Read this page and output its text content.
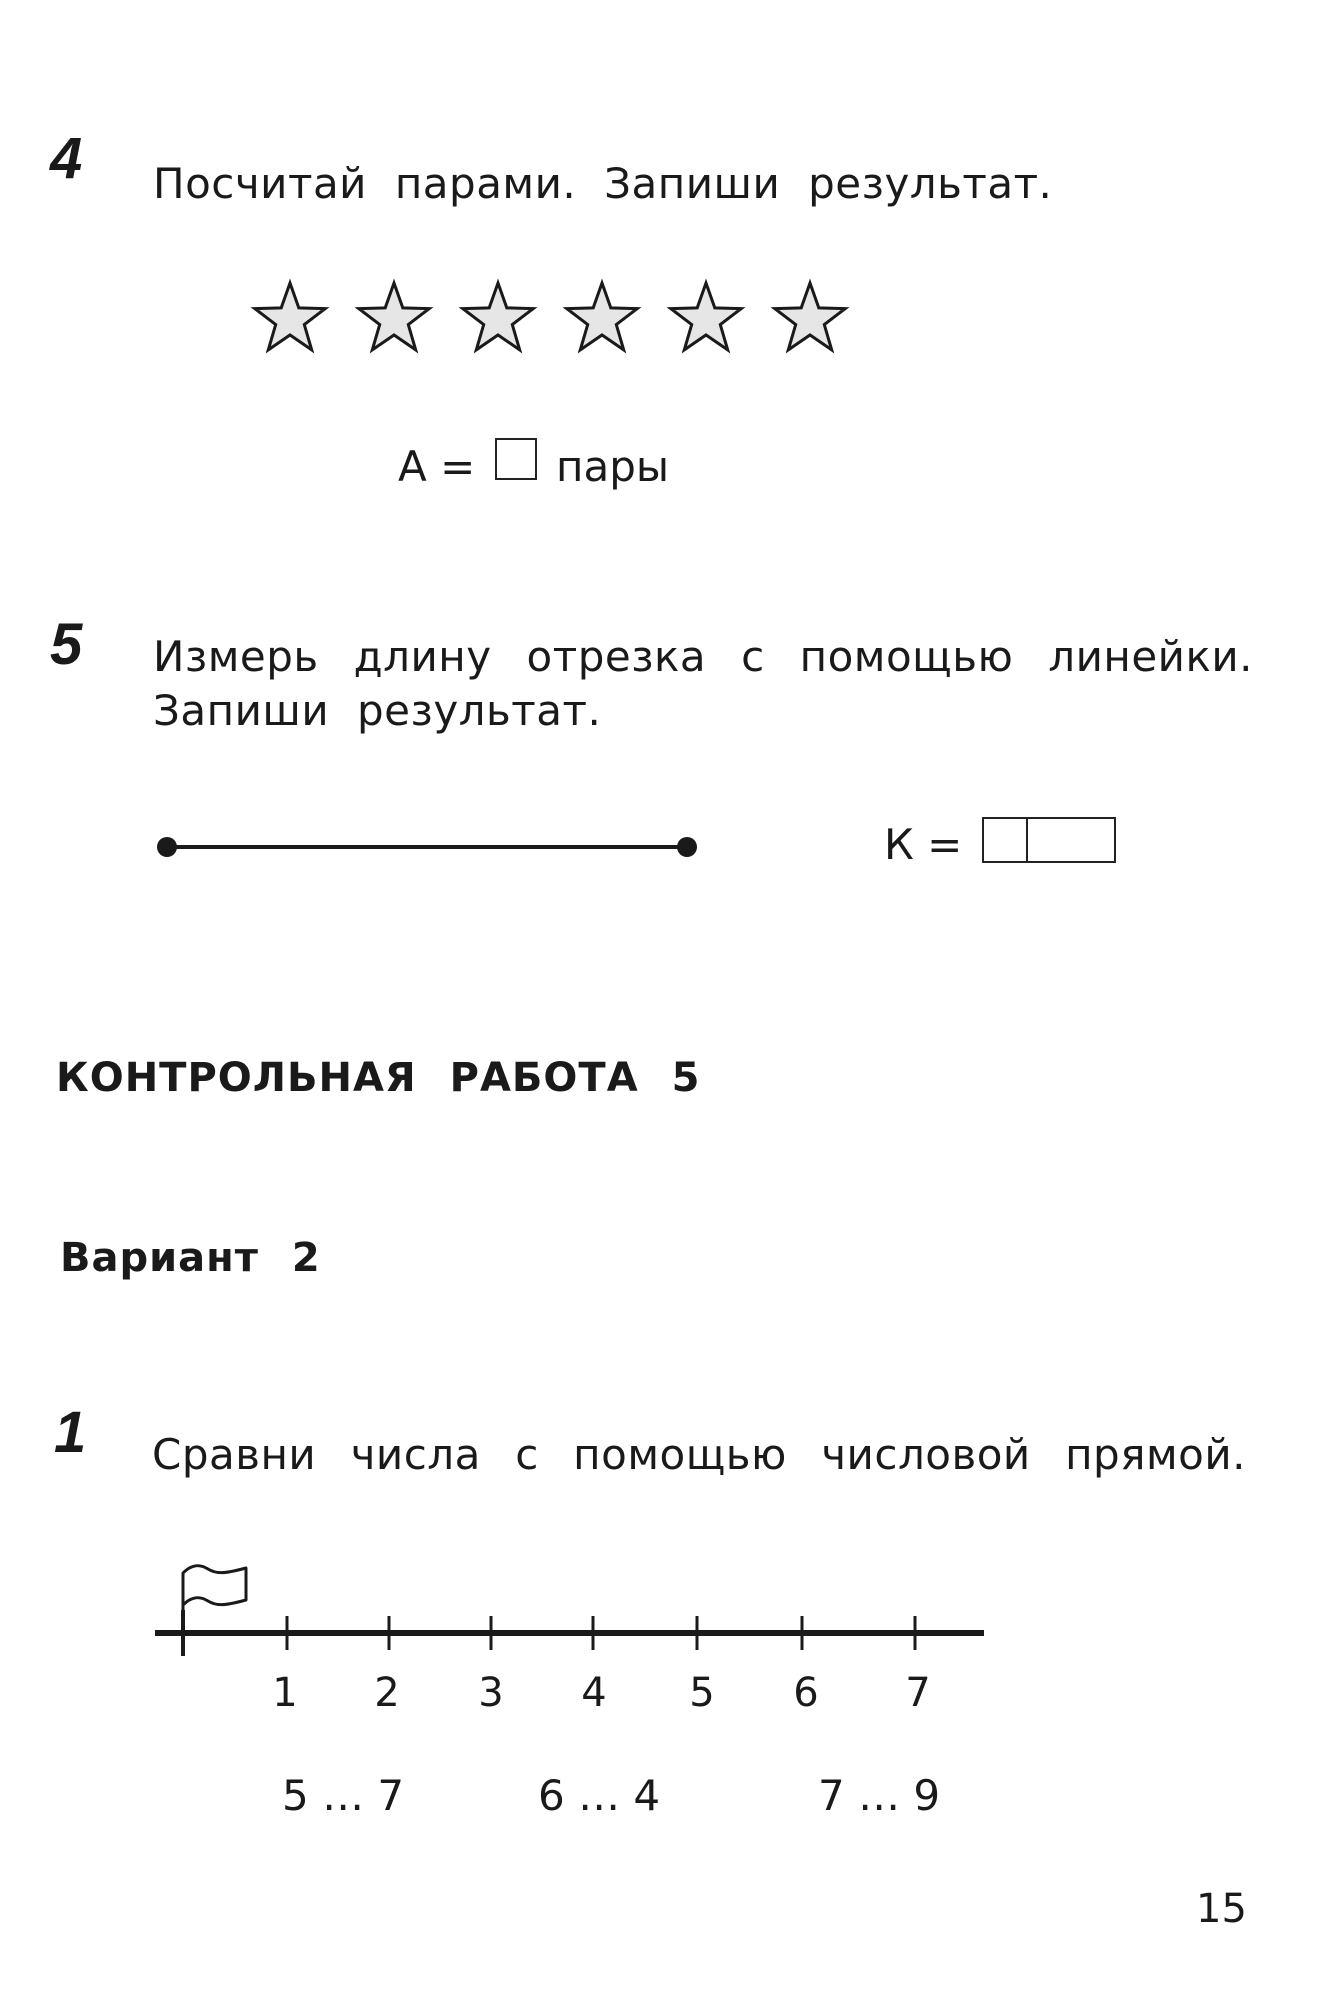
4 Посчитай парами. Запиши результат.
А = пары
5 Измерь длину отрезка с помощью линейки.
Запиши результат.
К =
КОНТРОЛЬНАЯ РАБОТА 5
Вариант 2
1 Сравни числа с помощью числовой прямой.
1 2 3 4 5 6 7
5 … 7	6 … 4	7 … 9
15
